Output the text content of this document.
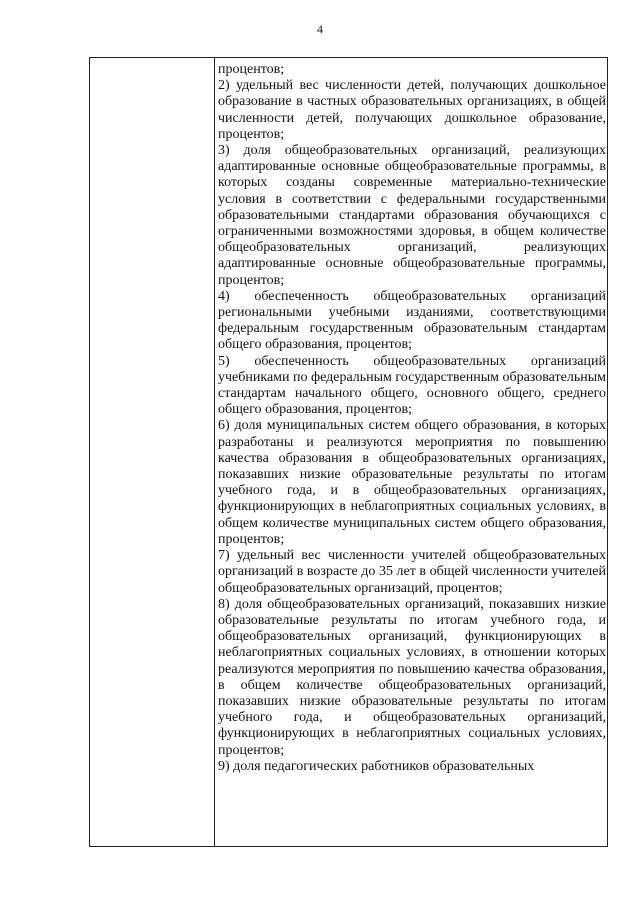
4

процентов;

2) удельный вес численности детей, получающих дошкольное образование в частных образовательных организациях, в общей численности детей, получающих дошкольное образование, процентов;

3) доля общеобразовательных организаций, реализующих адаптированные основные общеобразовательные программы, в которых созданы современные материально-технические условия в соответствии с федеральными государственными образовательными стандартами образования обучающихся с ограниченными возможностями здоровья, в общем количестве общеобразовательных организаций, реализующих адаптированные основные общеобразовательные программы, процентов;

4) обеспеченность общеобразовательных организаций региональными учебными изданиями, соответствующими федеральным государственным образовательным стандартам общего образования, процентов;

5) обеспеченность общеобразовательных организаций учебниками по федеральным государственным образовательным стандартам начального общего, основного общего, среднего общего образования, процентов;

6) доля муниципальных систем общего образования, в которых разработаны и реализуются мероприятия по повышению качества образования в общеобразовательных организациях, показавших низкие образовательные результаты по итогам учебного года, и в общеобразовательных организациях, функционирующих в неблагоприятных социальных условиях, в общем количестве муниципальных систем общего образования, процентов;

7) удельный вес численности учителей общеобразовательных организаций в возрасте до 35 лет в общей численности учителей общеобразовательных организаций, процентов;

8) доля общеобразовательных организаций, показавших низкие образовательные результаты по итогам учебного года, и общеобразовательных организаций, функционирующих в неблагоприятных социальных условиях, в отношении которых реализуются мероприятия по повышению качества образования, в общем количестве общеобразовательных организаций, показавших низкие образовательные результаты по итогам учебного года, и общеобразовательных организаций, функционирующих в неблагоприятных социальных условиях, процентов;

9) доля педагогических работников образовательных
